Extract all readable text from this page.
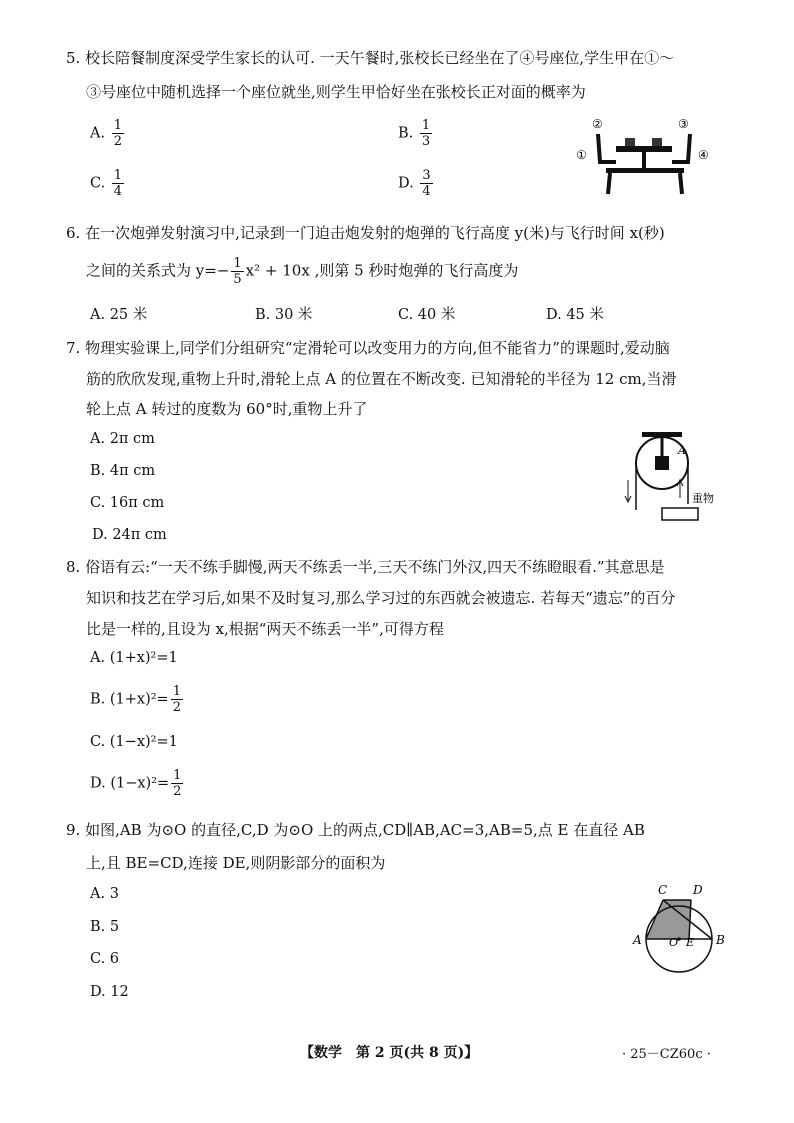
5. 校长陪餐制度深受学生家长的认可. 一天午餐时,张校长已经坐在了④号座位,学生甲在①～
③号座位中随机选择一个座位就坐,则学生甲恰好坐在张校长正对面的概率为
A. $\frac{1}{2}$	B. $\frac{1}{3}$
C. $\frac{1}{4}$	D. $\frac{3}{4}$
②	③
①	④
6. 在一次炮弹发射演习中,记录到一门迫击炮发射的炮弹的飞行高度 y(米)与飞行时间 x(秒)
之间的关系式为 $y=- \frac{1}{5} x^2 + 10x$ ,则第 5 秒时炮弹的飞行高度为
A. 25 米	B. 30 米	C. 40 米	D. 45 米
7. 物理实验课上,同学们分组研究“定滑轮可以改变用力的方向,但不能省力”的课题时,爱动脑
筋的欣欣发现,重物上升时,滑轮上点 A 的位置在不断改变. 已知滑轮的半径为 12 cm,当滑
轮上点 A 转过的度数为 60°时,重物上升了
A. 2π cm
B. 4π cm
C. 16π cm
D. 24π cm
A
重物
8. 俗语有云:“一天不练手脚慢,两天不练丢一半,三天不练门外汉,四天不练瞪眼看.”其意思是
知识和技艺在学习后,如果不及时复习,那么学习过的东西就会被遗忘. 若每天“遗忘”的百分
比是一样的,且设为 x,根据“两天不练丢一半”,可得方程
A. (1+x)²=1
B. $(1+x)^2= \frac{1}{2}$
C. (1−x)²=1
D. $(1-x)^2= \frac{1}{2}$
9. 如图,AB 为⊙O 的直径,C,D 为⊙O 上的两点,CD∥AB,AC=3,AB=5,点 E 在直径 AB
上,且 BE=CD,连接 DE,则阴影部分的面积为
A. 3
B. 5
C. 6
D. 12
C D
A	B
O E
【数学　第 2 页(共 8 页)】	· 25－CZ60c ·
